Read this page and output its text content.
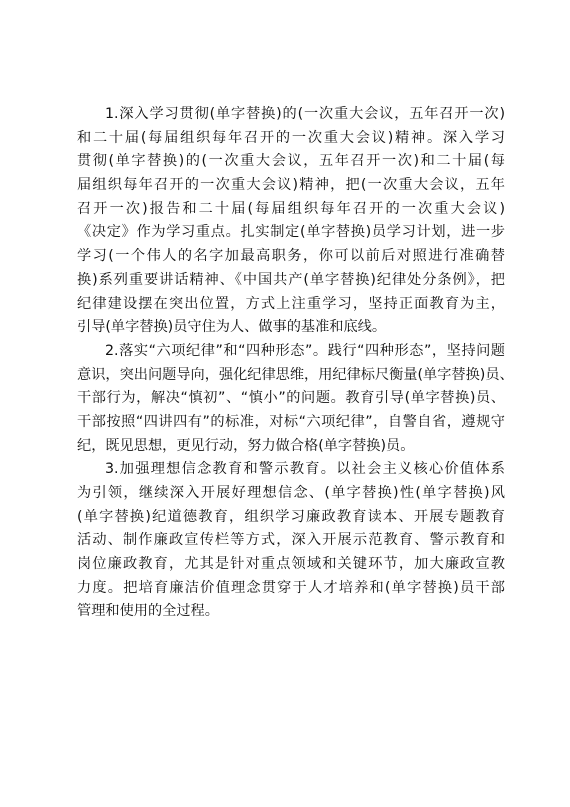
1.深入学习贯彻(单字替换)的(一次重大会议，五年召开一次)
和二十届(每届组织每年召开的一次重大会议)精神。深入学习
贯彻(单字替换)的(一次重大会议，五年召开一次)和二十届(每
届组织每年召开的一次重大会议)精神，把(一次重大会议，五年
召开一次)报告和二十届(每届组织每年召开的一次重大会议)
《决定》作为学习重点。扎实制定(单字替换)员学习计划，进一步
学习(一个伟人的名字加最高职务，你可以前后对照进行准确替
换)系列重要讲话精神、《中国共产(单字替换)纪律处分条例》，把
纪律建设摆在突出位置，方式上注重学习，坚持正面教育为主，
引导(单字替换)员守住为人、做事的基准和底线。
2.落实“六项纪律”和“四种形态”。践行“四种形态”，坚持问题
意识，突出问题导向，强化纪律思维，用纪律标尺衡量(单字替换)员、
干部行为，解决“慎初”、“慎小”的问题。教育引导(单字替换)员、
干部按照“四讲四有”的标准，对标“六项纪律”，自警自省，遵规守
纪，既见思想，更见行动，努力做合格(单字替换)员。
3.加强理想信念教育和警示教育。以社会主义核心价值体系
为引领，继续深入开展好理想信念、(单字替换)性(单字替换)风
(单字替换)纪道德教育，组织学习廉政教育读本、开展专题教育
活动、制作廉政宣传栏等方式，深入开展示范教育、警示教育和
岗位廉政教育，尤其是针对重点领域和关键环节，加大廉政宣教
力度。把培育廉洁价值理念贯穿于人才培养和(单字替换)员干部
管理和使用的全过程。
